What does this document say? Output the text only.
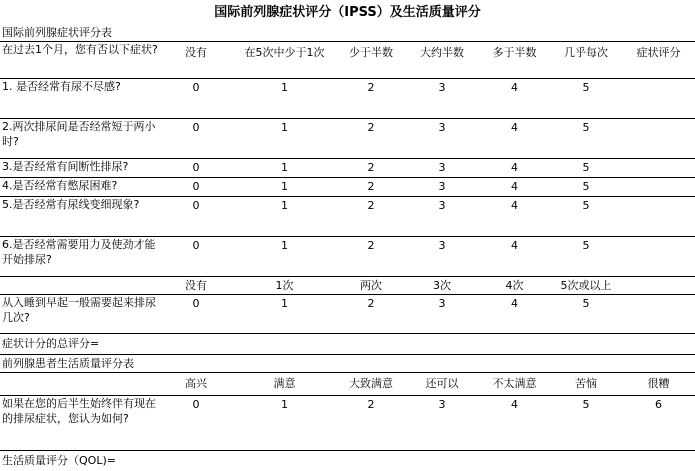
国际前列腺症状评分（IPSS）及生活质量评分
国际前列腺症状评分表							
在过去1个月，您有否以下症状?	没有	在5次中少于1次	少于半数	大约半数	多于半数	几乎每次	症状评分
1. 是否经常有尿不尽感?	0	1	2	3	4	5	
2.两次排尿间是否经常短于两小时?	0	1	2	3	4	5	
3.是否经常有间断性排尿?	0	1	2	3	4	5	
4.是否经常有憋尿困难?	0	1	2	3	4	5	
5.是否经常有尿线变细现象?	0	1	2	3	4	5	
6.是否经常需要用力及使劲才能开始排尿?	0	1	2	3	4	5	
	没有	1次	两次	3次	4次	5次或以上	
从入睡到早起一般需要起来排尿几次?	0	1	2	3	4	5	
症状计分的总评分=							
前列腺患者生活质量评分表							
	高兴	满意	大致满意	还可以	不太满意	苦恼	很糟
如果在您的后半生始终伴有现在的排尿症状，您认为如何?	0	1	2	3	4	5	6
生活质量评分（QOL)=							
